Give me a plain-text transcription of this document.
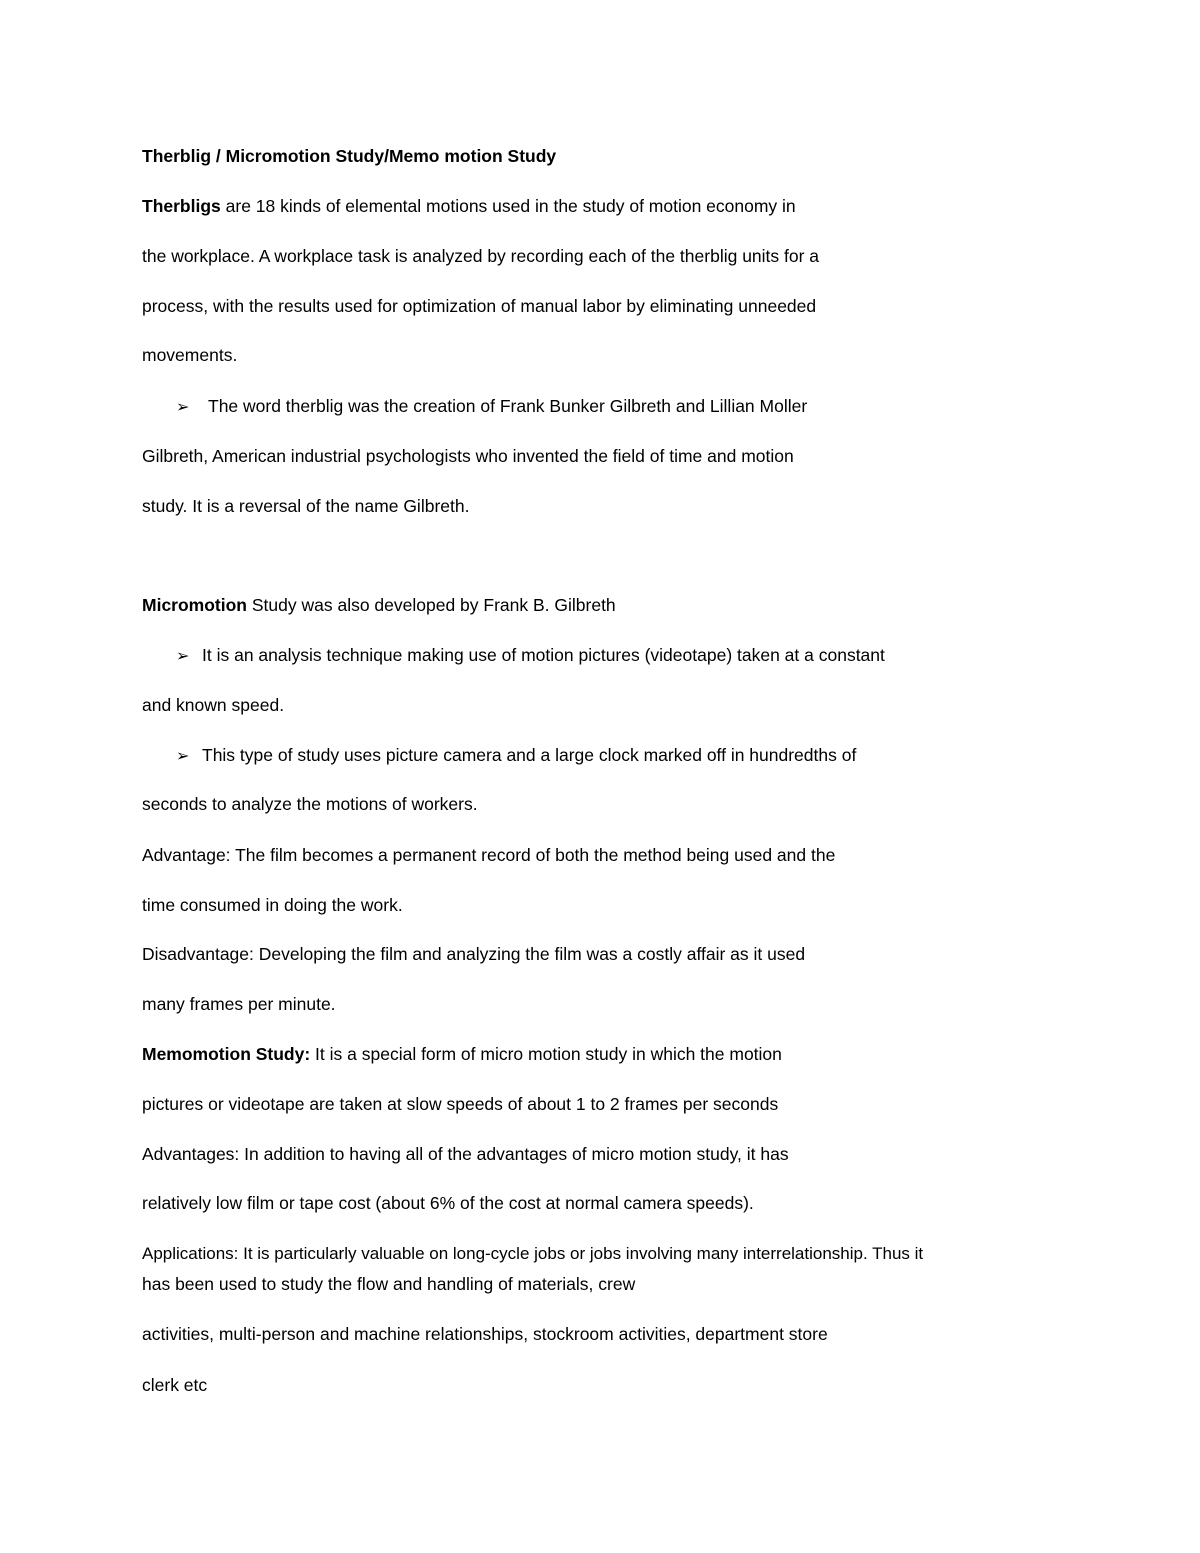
Therblig / Micromotion Study/Memo motion Study
Therbligs are 18 kinds of elemental motions used in the study of motion economy in
the workplace. A workplace task is analyzed by recording each of the therblig units for a
process, with the results used for optimization of manual labor by eliminating unneeded
movements.
➢ The word therblig was the creation of Frank Bunker Gilbreth and Lillian Moller
Gilbreth, American industrial psychologists who invented the field of time and motion
study. It is a reversal of the name Gilbreth.
Micromotion Study was also developed by Frank B. Gilbreth
➢ It is an analysis technique making use of motion pictures (videotape) taken at a constant
and known speed.
➢ This type of study uses picture camera and a large clock marked off in hundredths of
seconds to analyze the motions of workers.
Advantage: The film becomes a permanent record of both the method being used and the
time consumed in doing the work.
Disadvantage: Developing the film and analyzing the film was a costly affair as it used
many frames per minute.
Memomotion Study: It is a special form of micro motion study in which the motion
pictures or videotape are taken at slow speeds of about 1 to 2 frames per seconds
Advantages: In addition to having all of the advantages of micro motion study, it has
relatively low film or tape cost (about 6% of the cost at normal camera speeds).
Applications: It is particularly valuable on long-cycle jobs or jobs involving many interrelationship. Thus it
has been used to study the flow and handling of materials, crew
activities, multi-person and machine relationships, stockroom activities, department store
clerk etc
